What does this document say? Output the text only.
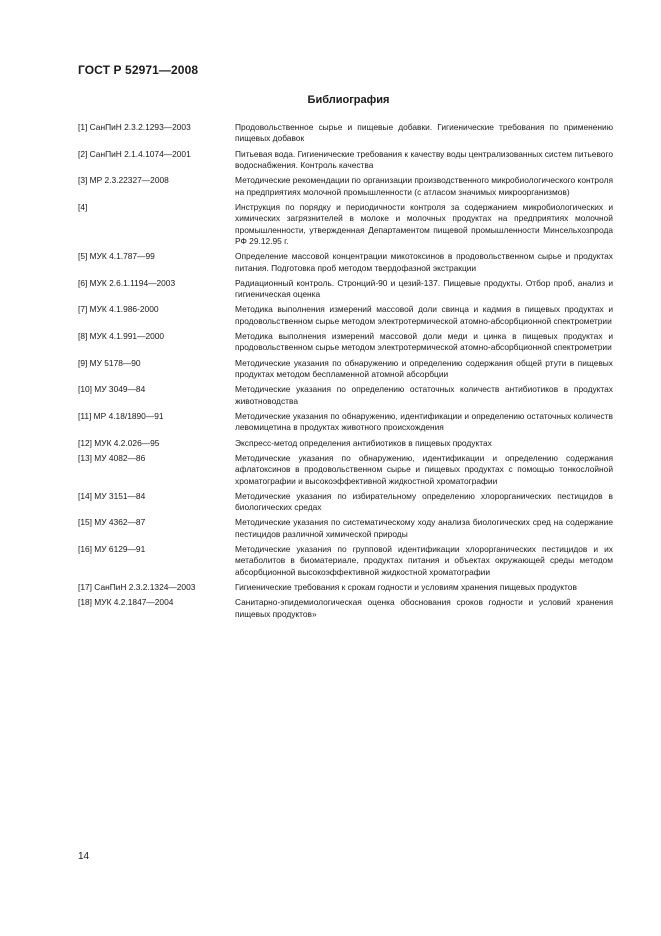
ГОСТ Р 52971—2008
Библиография
[1] СанПиН 2.3.2.1293—2003	Продовольственное сырье и пищевые добавки. Гигиенические требования по применению пищевых добавок
[2] СанПиН 2.1.4.1074—2001	Питьевая вода. Гигиенические требования к качеству воды централизованных систем питьевого водоснабжения. Контроль качества
[3] МР 2.3.22327—2008	Методические рекомендации по организации производственного микробиологического контроля на предприятиях молочной промышленности (с атласом значимых микроорганизмов)
[4]	Инструкция по порядку и периодичности контроля за содержанием микробиологических и химических загрязнителей в молоке и молочных продуктах на предприятиях молочной промышленности, утвержденная Департаментом пищевой промышленности Минсельхозпрода РФ 29.12.95 г.
[5] МУК 4.1.787—99	Определение массовой концентрации микотоксинов в продовольственном сырье и продуктах питания. Подготовка проб методом твердофазной экстракции
[6] МУК 2.6.1.1194—2003	Радиационный контроль. Стронций-90 и цезий-137. Пищевые продукты. Отбор проб, анализ и гигиеническая оценка
[7] МУК 4.1.986-2000	Методика выполнения измерений массовой доли свинца и кадмия в пищевых продуктах и продовольственном сырье методом электротермической атомно-абсорбционной спектрометрии
[8] МУК 4.1.991—2000	Методика выполнения измерений массовой доли меди и цинка в пищевых продуктах и продовольственном сырье методом электротермической атомно-абсорбционной спектрометрии
[9] МУ 5178—90	Методические указания по обнаружению и определению содержания общей ртути в пищевых продуктах методом беспламенной атомной абсорбции
[10] МУ 3049—84	Методические указания по определению остаточных количеств антибиотиков в продуктах животноводства
[11] МР 4.18/1890—91	Методические указания по обнаружению, идентификации и определению остаточных количеств левомицетина в продуктах животного происхождения
[12] МУК 4.2.026—95	Экспресс-метод определения антибиотиков в пищевых продуктах
[13] МУ 4082—86	Методические указания по обнаружению, идентификации и определению содержания афлатоксинов в продовольственном сырье и пищевых продуктах с помощью тонкослойной хроматографии и высокоэффективной жидкостной хроматографии
[14] МУ 3151—84	Методические указания по избирательному определению хлорорганических пестицидов в биологических средах
[15] МУ 4362—87	Методические указания по систематическому ходу анализа биологических сред на содержание пестицидов различной химической природы
[16] МУ 6129—91	Методические указания по групповой идентификации хлорорганических пестицидов и их метаболитов в биоматериале, продуктах питания и объектах окружающей среды методом абсорбционной высокоэффективной жидкостной хроматографии
[17] СанПиН 2.3.2.1324—2003	Гигиенические требования к срокам годности и условиям хранения пищевых продуктов
[18] МУК 4.2.1847—2004	Санитарно-эпидемиологическая оценка обоснования сроков годности и условий хранения пищевых продуктов»
14
